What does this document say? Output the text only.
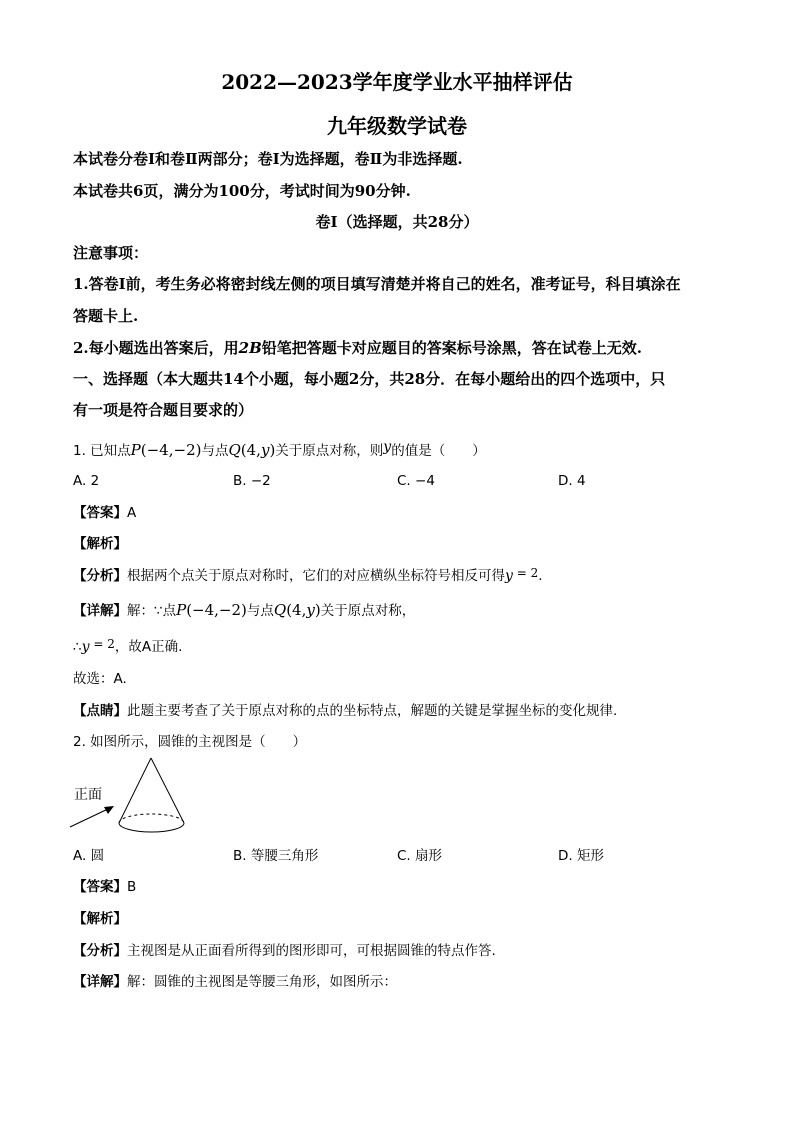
2022—2023学年度学业水平抽样评估
九年级数学试卷
本试卷分卷Ⅰ和卷Ⅱ两部分；卷Ⅰ为选择题，卷Ⅱ为非选择题.
本试卷共6页，满分为100分，考试时间为90分钟.
卷Ⅰ（选择题，共28分）
注意事项：
1.答卷Ⅰ前，考生务必将密封线左侧的项目填写清楚并将自己的姓名，准考证号，科目填涂在
答题卡上.
2.每小题选出答案后，用2B铅笔把答题卡对应题目的答案标号涂黑，答在试卷上无效.
一、选择题（本大题共14个小题，每小题2分，共28分．在每小题给出的四个选项中，只
有一项是符合题目要求的）
1. 已知点P(−4,−2)与点Q(4,y)关于原点对称，则y的值是（　　）
A. 2	B. −2	C. −4	D. 4
【答案】A
【解析】
【分析】根据两个点关于原点对称时，它们的对应横纵坐标符号相反可得y = 2.
【详解】解：∵点P(−4,−2)与点Q(4,y)关于原点对称，
∴y = 2，故A正确.
故选：A.
【点睛】此题主要考查了关于原点对称的点的坐标特点，解题的关键是掌握坐标的变化规律.
2. 如图所示，圆锥的主视图是（　　）
正面
A. 圆	B. 等腰三角形	C. 扇形	D. 矩形
【答案】B
【解析】
【分析】主视图是从正面看所得到的图形即可，可根据圆锥的特点作答.
【详解】解：圆锥的主视图是等腰三角形，如图所示：
